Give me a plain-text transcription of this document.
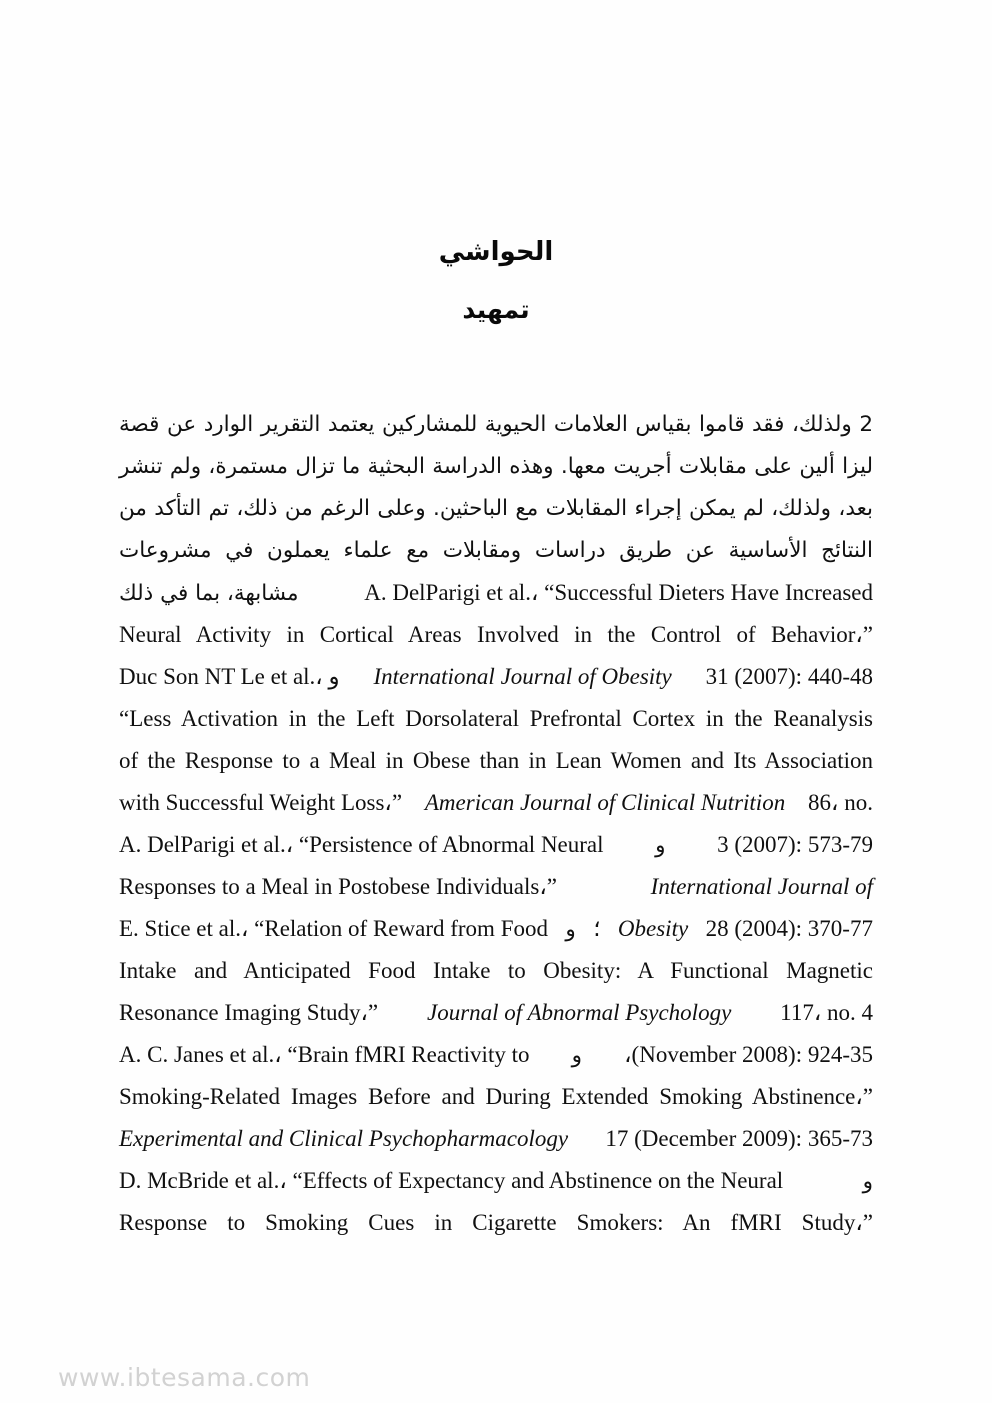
الحواشي
تمهيد
2 ولذلك، فقد قاموا بقياس العلامات الحيوية للمشاركين يعتمد التقرير الوارد عن قصة
ليزا ألين على مقابلات أجريت معها. وهذه الدراسة البحثية ما تزال مستمرة، ولم تنشر
بعد، ولذلك، لم يمكن إجراء المقابلات مع الباحثين. وعلى الرغم من ذلك، تم التأكد من
النتائج الأساسية عن طريق دراسات ومقابلات مع علماء يعملون في مشروعات
A. DelParigi et al.، “Successful Dieters Have Increased
مشابهة، بما في ذلك
Neural Activity in Cortical Areas Involved in the Control of Behavior،”
Duc Son NT Le et al.، و International Journal of Obesity 31 (2007): 440-48
“Less Activation in the Left Dorsolateral Prefrontal Cortex in the Reanalysis
of the Response to a Meal in Obese than in Lean Women and Its Association
with Successful Weight Loss،” American Journal of Clinical Nutrition 86، no.
A. DelParigi et al.، “Persistence of Abnormal Neural و 3 (2007): 573-79
Responses to a Meal in Postobese Individuals،”	International Journal of
E. Stice et al.، “Relation of Reward from Food و ؛ Obesity 28 (2004): 370-77
Intake and Anticipated Food Intake to Obesity: A Functional Magnetic
Resonance Imaging Study،” Journal of Abnormal Psychology 117، no. 4
A. C. Janes et al.، “Brain fMRI Reactivity to و ،(November 2008): 924-35
Smoking-Related Images Before and During Extended Smoking Abstinence،”
Experimental and Clinical Psychopharmacology 17 (December 2009): 365-73
D. McBride et al.، “Effects of Expectancy and Abstinence on the Neural	و
Response to Smoking Cues in Cigarette Smokers: An fMRI Study،”
www.ibtesama.com
